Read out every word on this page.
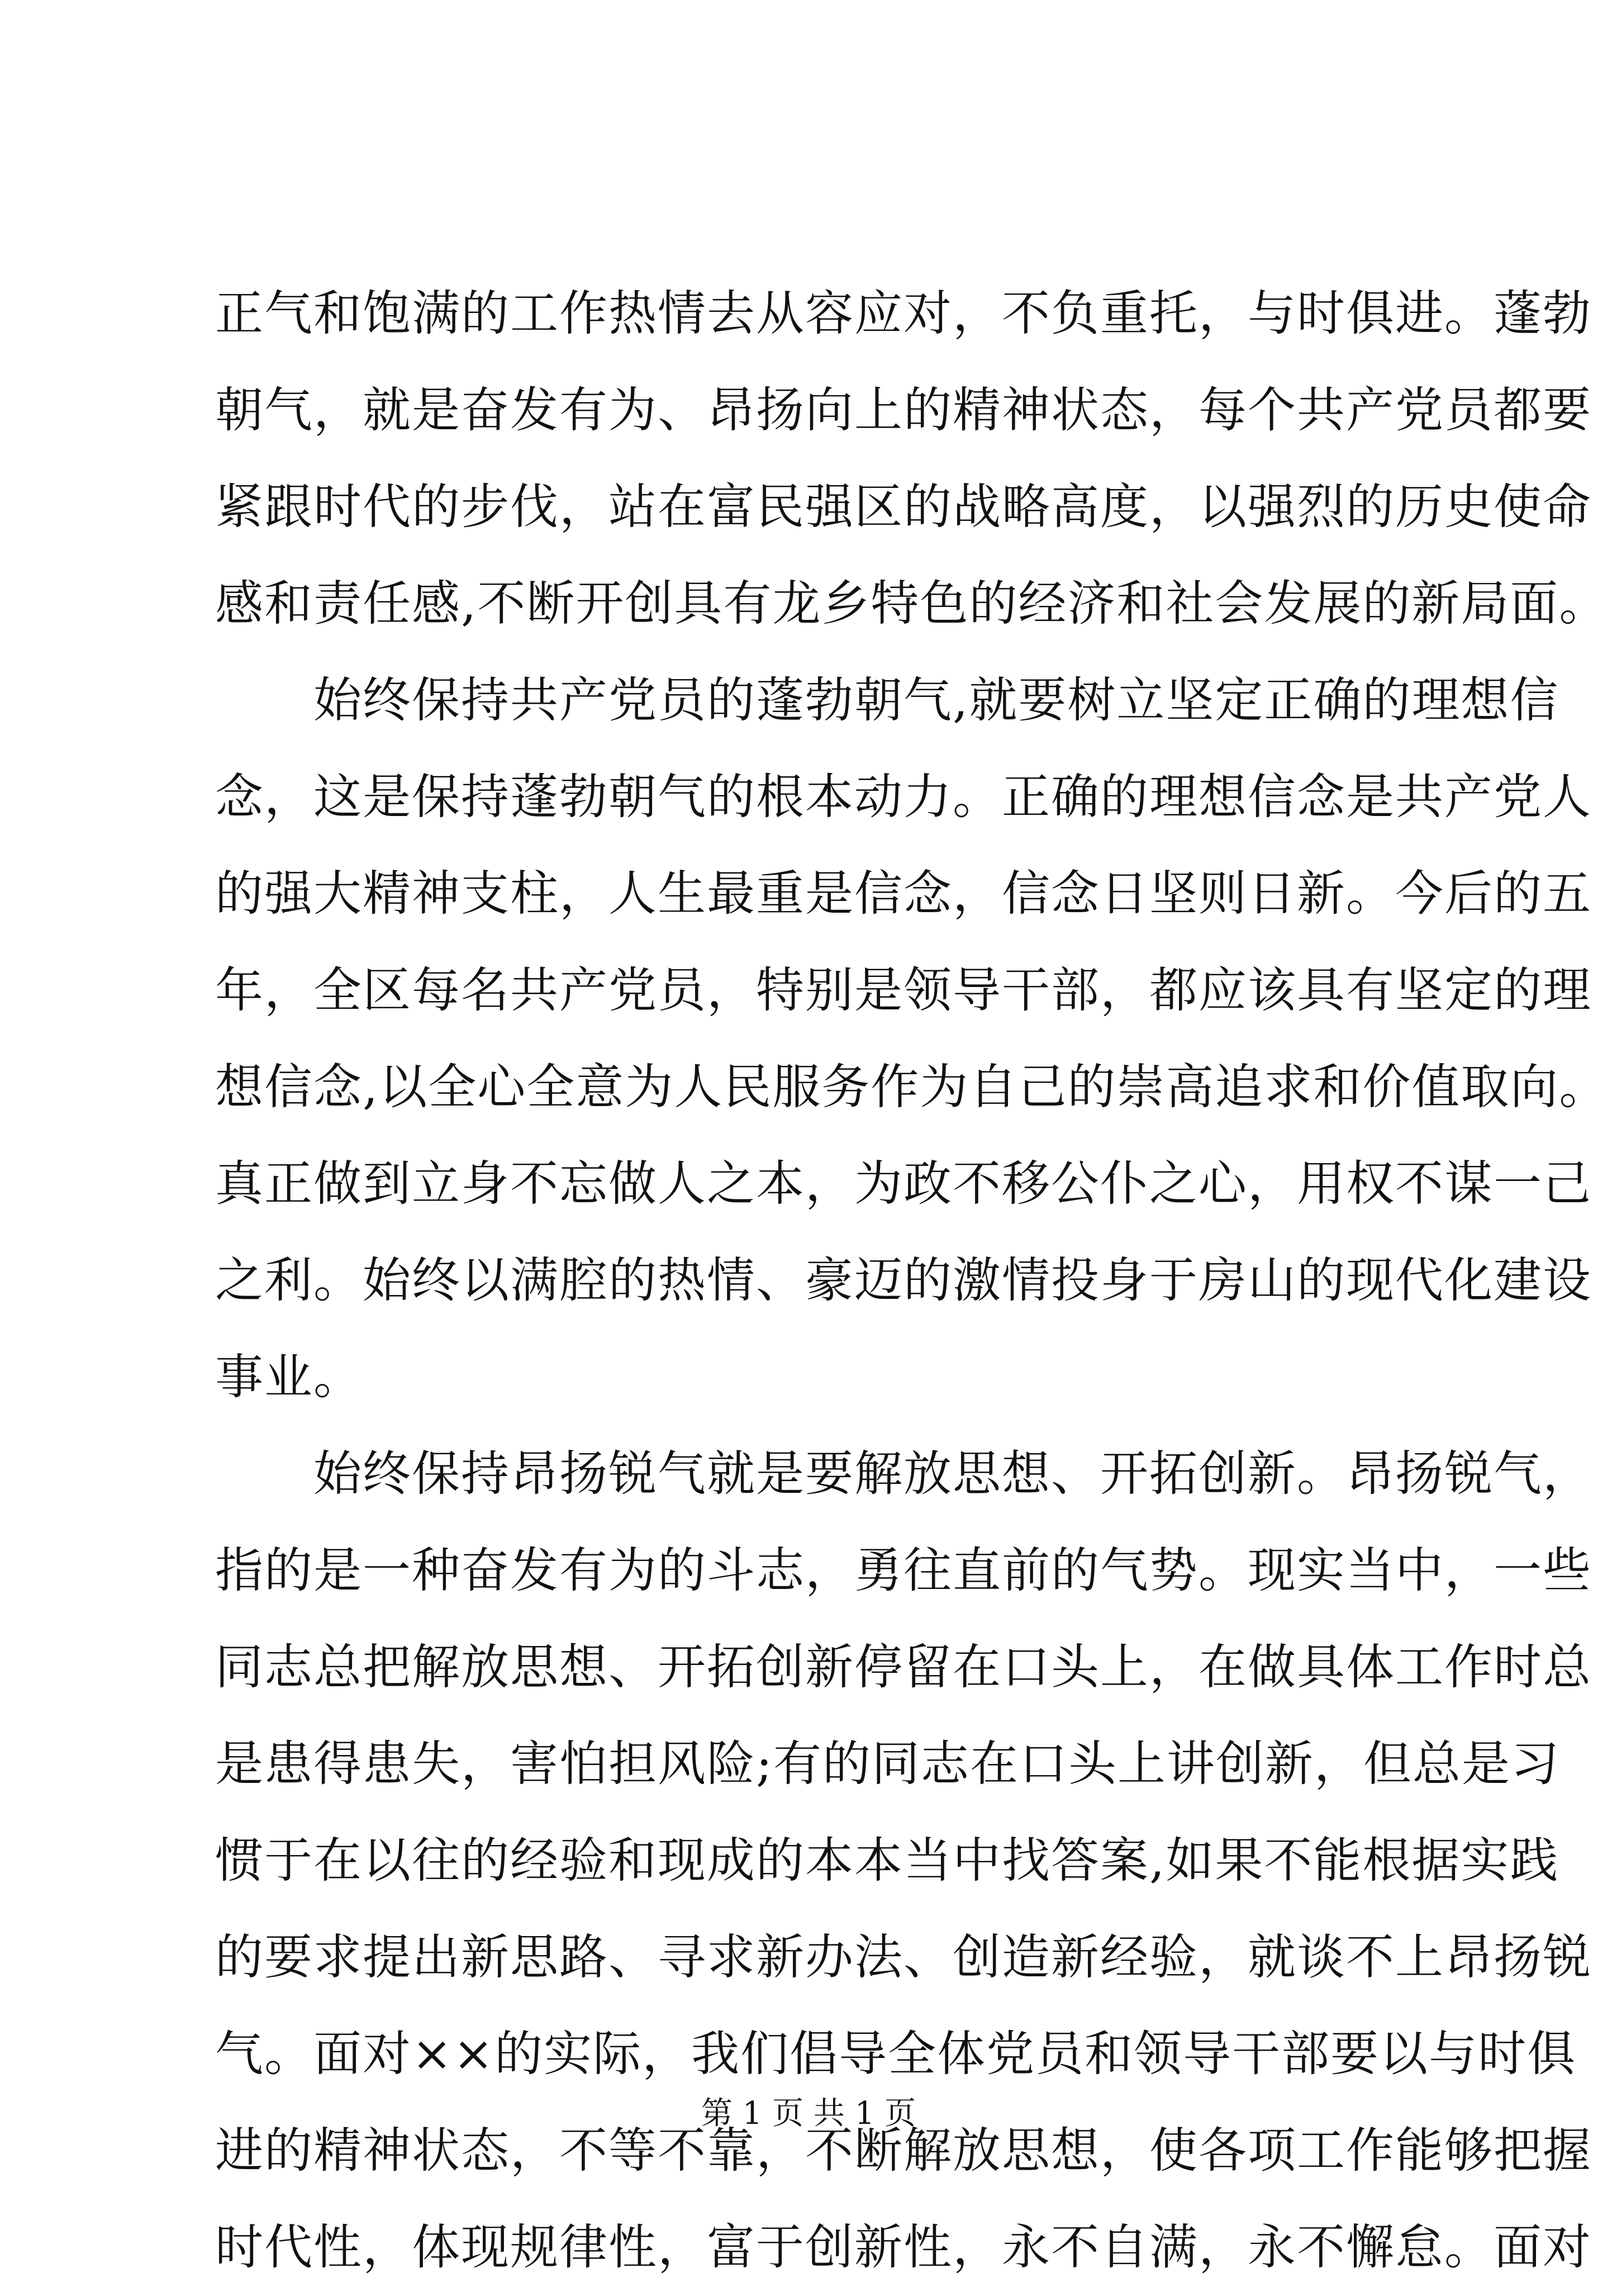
正气和饱满的工作热情去从容应对，不负重托，与时俱进。蓬勃
朝气，就是奋发有为、昂扬向上的精神状态，每个共产党员都要
紧跟时代的步伐，站在富民强区的战略高度，以强烈的历史使命
感和责任感,不断开创具有龙乡特色的经济和社会发展的新局面。
　　始终保持共产党员的蓬勃朝气,就要树立坚定正确的理想信
念，这是保持蓬勃朝气的根本动力。正确的理想信念是共产党人
的强大精神支柱，人生最重是信念，信念日坚则日新。今后的五
年，全区每名共产党员，特别是领导干部，都应该具有坚定的理
想信念,以全心全意为人民服务作为自己的崇高追求和价值取向。
真正做到立身不忘做人之本，为政不移公仆之心，用权不谋一己
之利。始终以满腔的热情、豪迈的激情投身于房山的现代化建设
事业。
　　始终保持昂扬锐气就是要解放思想、开拓创新。昂扬锐气，
指的是一种奋发有为的斗志，勇往直前的气势。现实当中，一些
同志总把解放思想、开拓创新停留在口头上，在做具体工作时总
是患得患失，害怕担风险;有的同志在口头上讲创新，但总是习
惯于在以往的经验和现成的本本当中找答案,如果不能根据实践
的要求提出新思路、寻求新办法、创造新经验，就谈不上昂扬锐
气。面对××的实际，我们倡导全体党员和领导干部要以与时俱
进的精神状态，不等不靠，不断解放思想，使各项工作能够把握
时代性，体现规律性，富于创新性，永不自满，永不懈怠。面对
第 1 页 共 1 页
